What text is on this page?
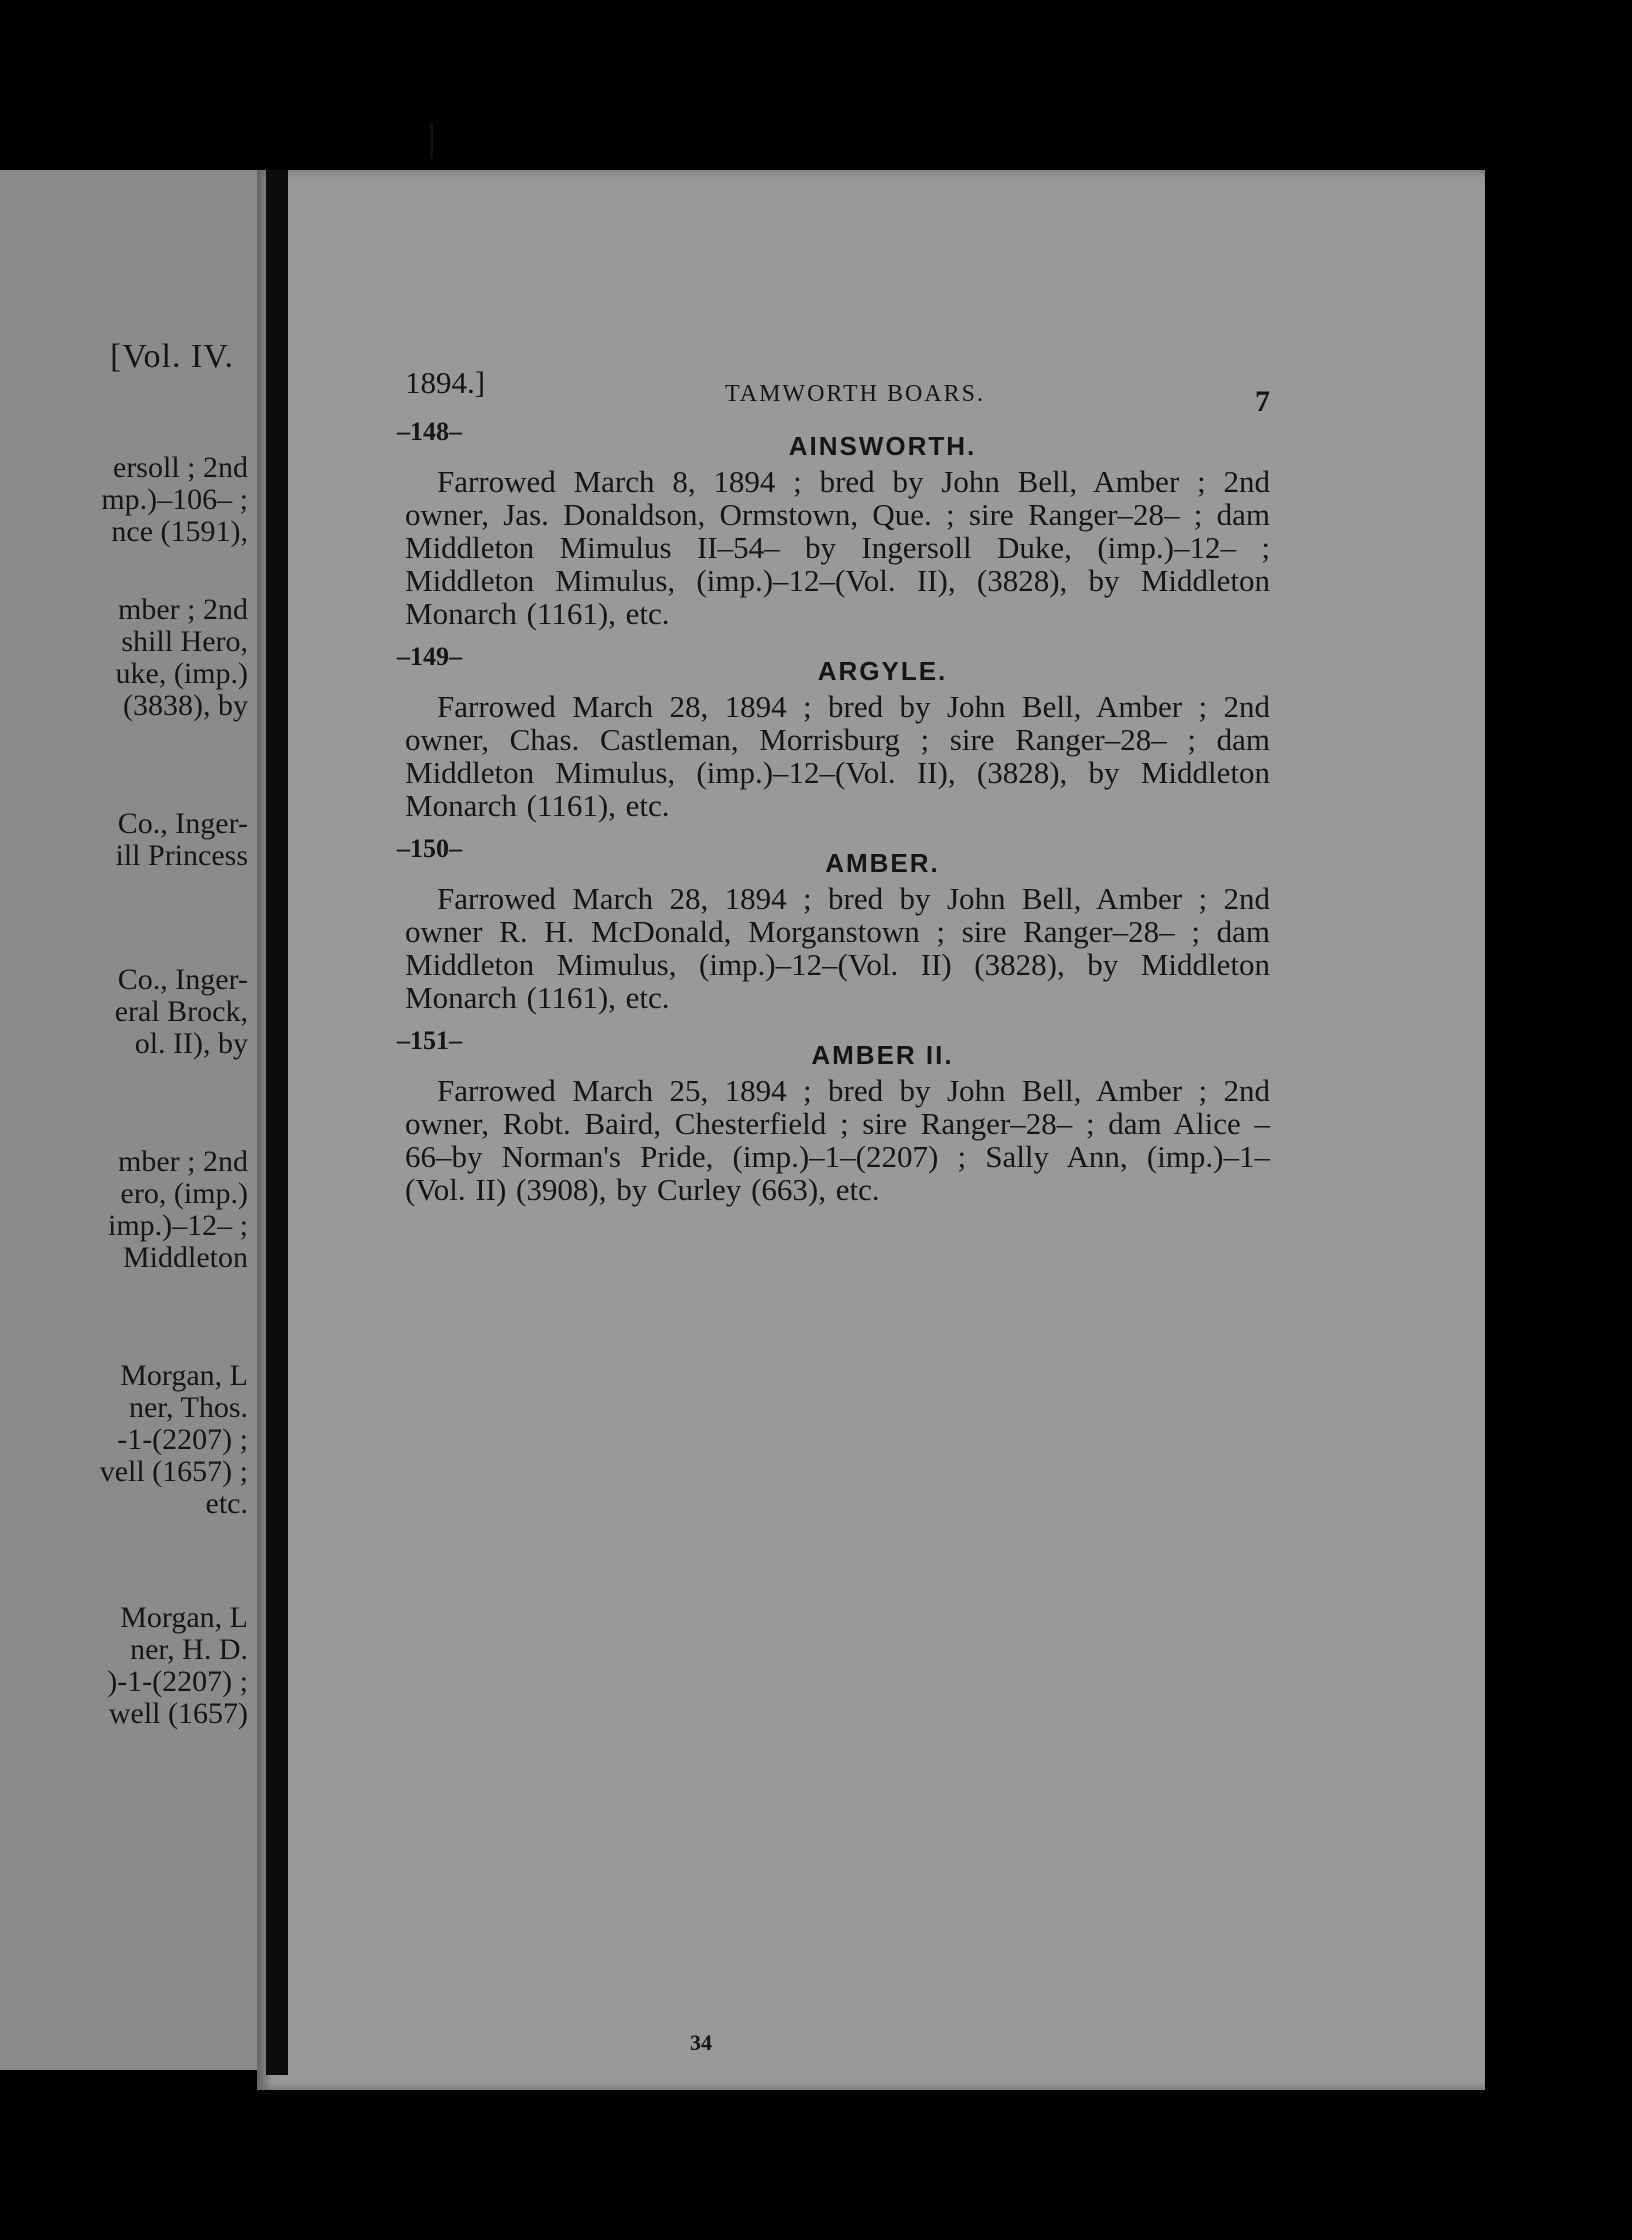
[Vol. IV.
ersoll ; 2nd
mp.)–106– ;
nce (1591),
mber ; 2nd
shill Hero,
uke, (imp.)
(3838), by
Co., Inger-
ill Princess
Co., Inger-
eral Brock,
ol. II), by
mber ; 2nd
ero, (imp.)
imp.)–12– ;
Middleton
Morgan, L
ner, Thos.
-1-(2207) ;
vell (1657) ;
etc.
Morgan, L
ner, H. D.
)-1-(2207) ;
well (1657)
1894.]	TAMWORTH BOARS.	7
–148–	AINSWORTH.

Farrowed March 8, 1894 ; bred by John Bell, Amber ; 2nd owner, Jas. Donaldson, Ormstown, Que. ; sire Ranger–28– ; dam Middleton Mimulus II–54– by Ingersoll Duke, (imp.)–12– ; Middleton Mimulus, (imp.)–12–(Vol. II), (3828), by Middleton Monarch (1161), etc.

–149–	ARGYLE.

Farrowed March 28, 1894 ; bred by John Bell, Amber ; 2nd owner, Chas. Castleman, Morrisburg ; sire Ranger–28– ; dam Middleton Mimulus, (imp.)–12–(Vol. II), (3828), by Middleton Monarch (1161), etc.

–150–	AMBER.

Farrowed March 28, 1894 ; bred by John Bell, Amber ; 2nd owner R. H. McDonald, Morganstown ; sire Ranger–28– ; dam Middleton Mimulus, (imp.)–12–(Vol. II) (3828), by Middleton Monarch (1161), etc.

–151–	AMBER II.

Farrowed March 25, 1894 ; bred by John Bell, Amber ; 2nd owner, Robt. Baird, Chesterfield ; sire Ranger–28– ; dam Alice –66–by Norman's Pride, (imp.)–1–(2207) ; Sally Ann, (imp.)–1– (Vol. II) (3908), by Curley (663), etc.

34
